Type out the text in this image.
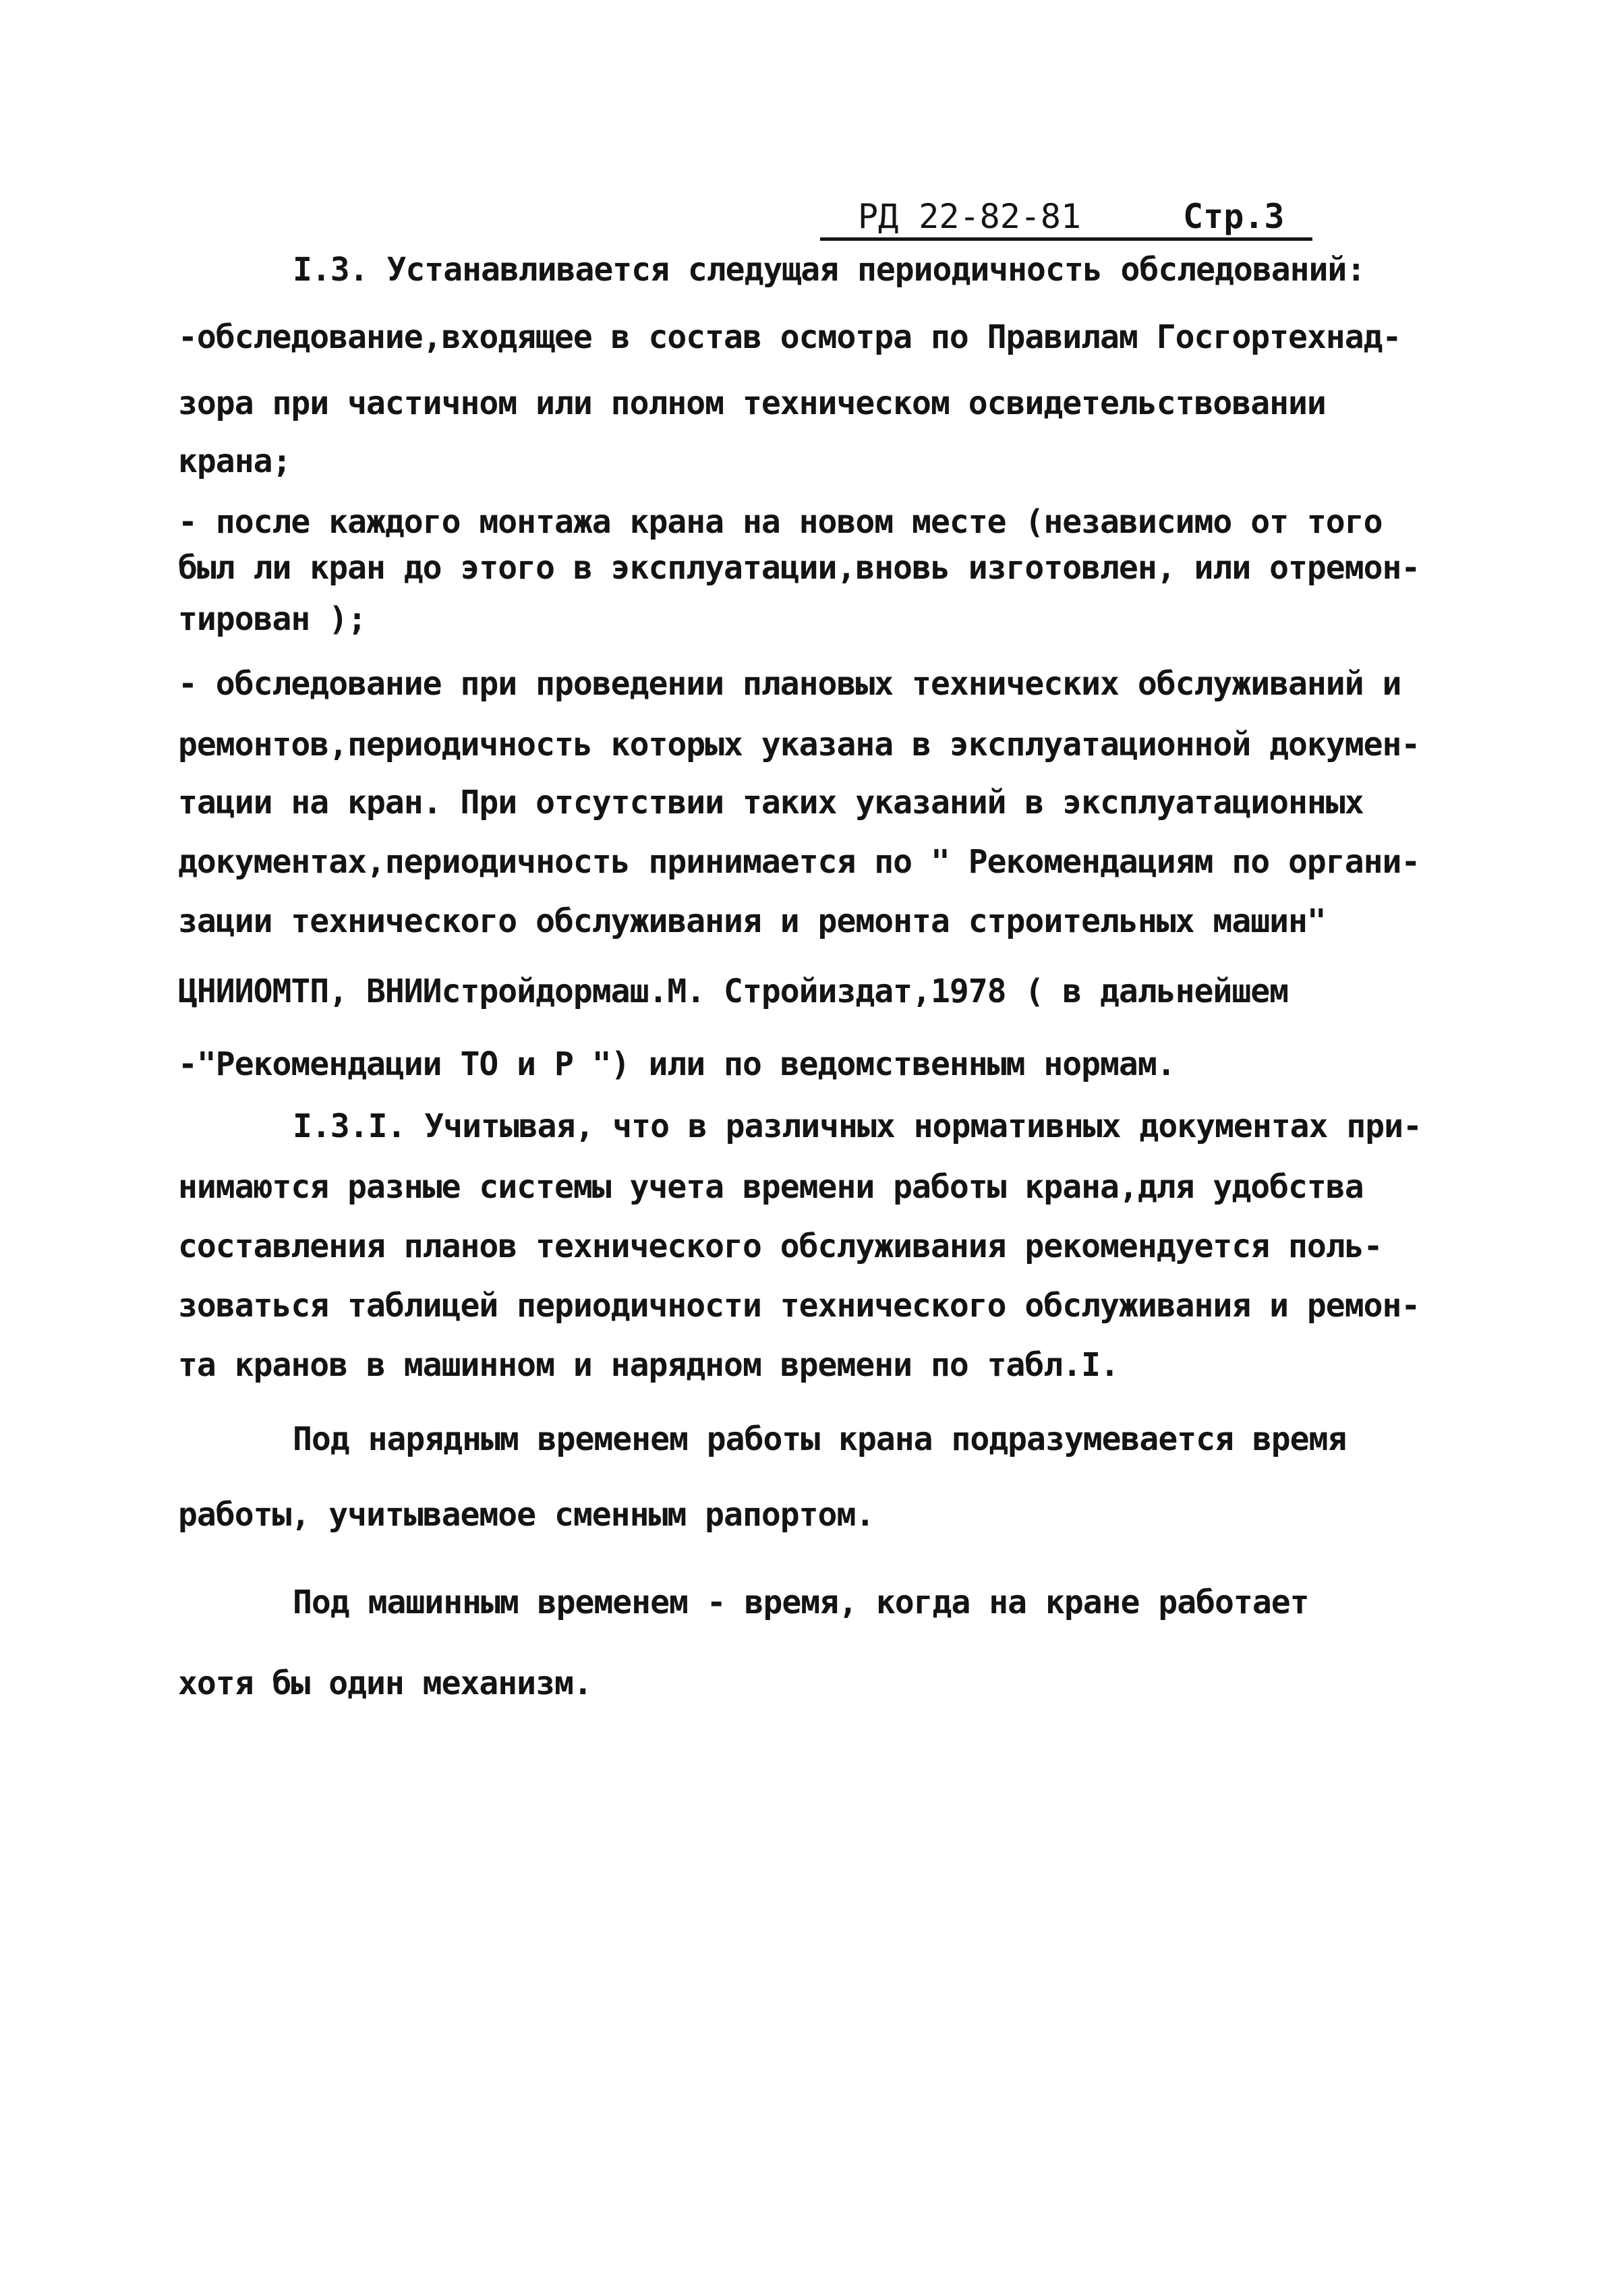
РД 22-82-81	Стр.3
I.3. Устанавливается следущая периодичность обследований:
-обследование,входящее в состав осмотра по Правилам Госгортехнад-
зора при частичном или полном техническом освидетельствовании
крана;
- после каждого монтажа крана на новом месте (независимо от того
был ли кран до этого в эксплуатации,вновь изготовлен, или отремон-
тирован );
- обследование при проведении плановых технических обслуживаний и
ремонтов,периодичность которых указана в эксплуатационной докумен-
тации на кран. При отсутствии таких указаний в эксплуатационных
документах,периодичность принимается по " Рекомендациям по органи-
зации технического обслуживания и ремонта строительных машин"
ЦНИИОМТП, ВНИИстройдормаш.М. Стройиздат,1978 ( в дальнейшем
-"Рекомендации ТО и Р ") или по ведомственным нормам.
I.3.I. Учитывая, что в различных нормативных документах при-
нимаются разные системы учета времени работы крана,для удобства
составления планов технического обслуживания рекомендуется поль-
зоваться таблицей периодичности технического обслуживания и ремон-
та кранов в машинном и нарядном времени по табл.I.
Под нарядным временем работы крана подразумевается время
работы, учитываемое сменным рапортом.
Под машинным временем - время, когда на кране работает
хотя бы один механизм.
